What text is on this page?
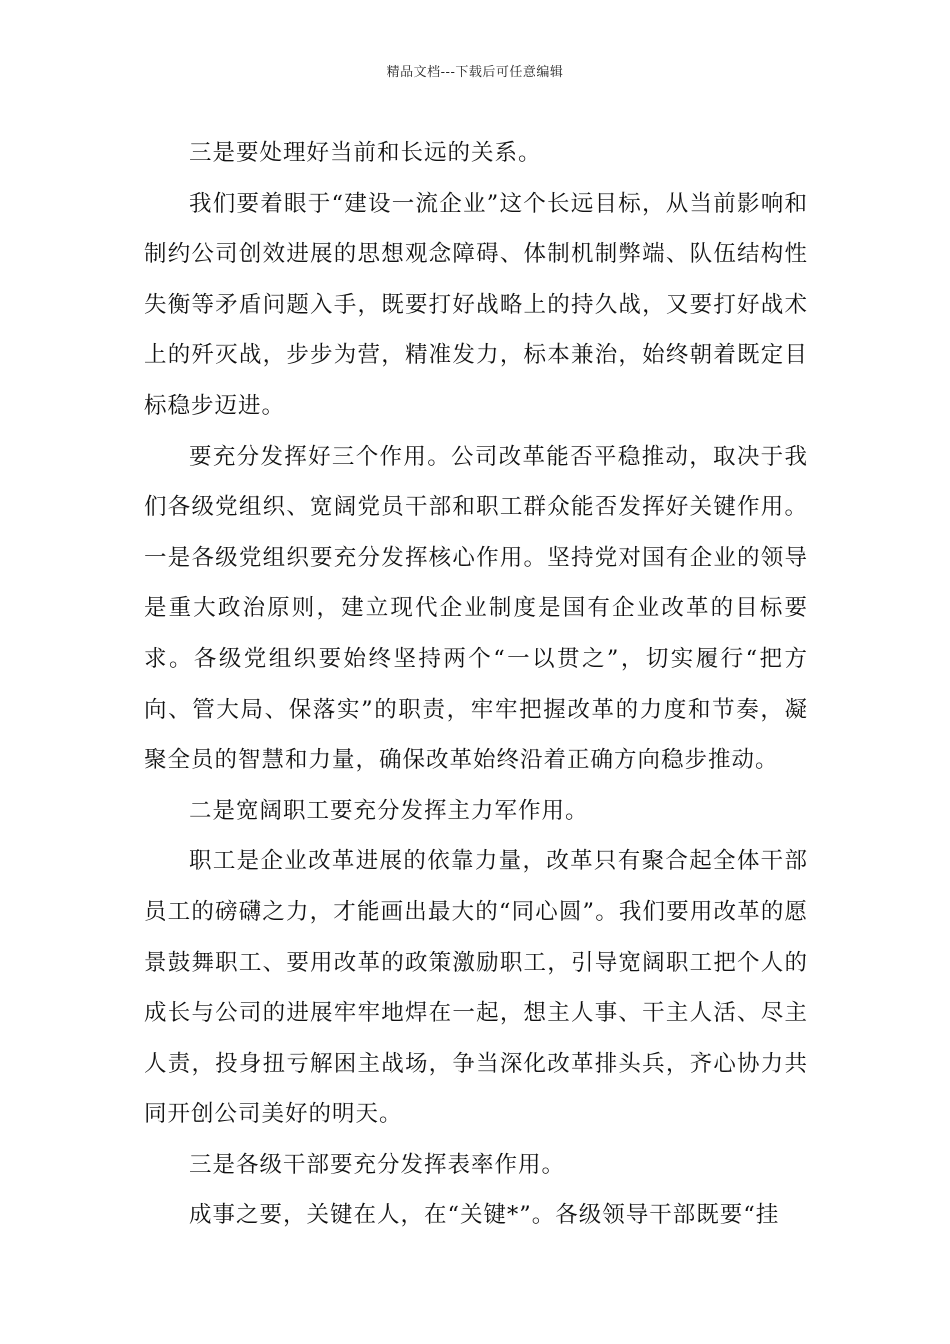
精品文档---下载后可任意编辑

三是要处理好当前和长远的关系。

我们要着眼于“建设一流企业”这个长远目标，从当前影响和制约公司创效进展的思想观念障碍、体制机制弊端、队伍结构性失衡等矛盾问题入手，既要打好战略上的持久战，又要打好战术上的歼灭战，步步为营，精准发力，标本兼治，始终朝着既定目标稳步迈进。

要充分发挥好三个作用。公司改革能否平稳推动，取决于我们各级党组织、宽阔党员干部和职工群众能否发挥好关键作用。一是各级党组织要充分发挥核心作用。坚持党对国有企业的领导是重大政治原则，建立现代企业制度是国有企业改革的目标要求。各级党组织要始终坚持两个“一以贯之”，切实履行“把方向、管大局、保落实”的职责，牢牢把握改革的力度和节奏，凝聚全员的智慧和力量，确保改革始终沿着正确方向稳步推动。

二是宽阔职工要充分发挥主力军作用。

职工是企业改革进展的依靠力量，改革只有聚合起全体干部员工的磅礴之力，才能画出最大的“同心圆”。我们要用改革的愿景鼓舞职工、要用改革的政策激励职工，引导宽阔职工把个人的成长与公司的进展牢牢地焊在一起，想主人事、干主人活、尽主人责，投身扭亏解困主战场，争当深化改革排头兵，齐心协力共同开创公司美好的明天。

三是各级干部要充分发挥表率作用。

成事之要，关键在人，在“关键*”。各级领导干部既要“挂
